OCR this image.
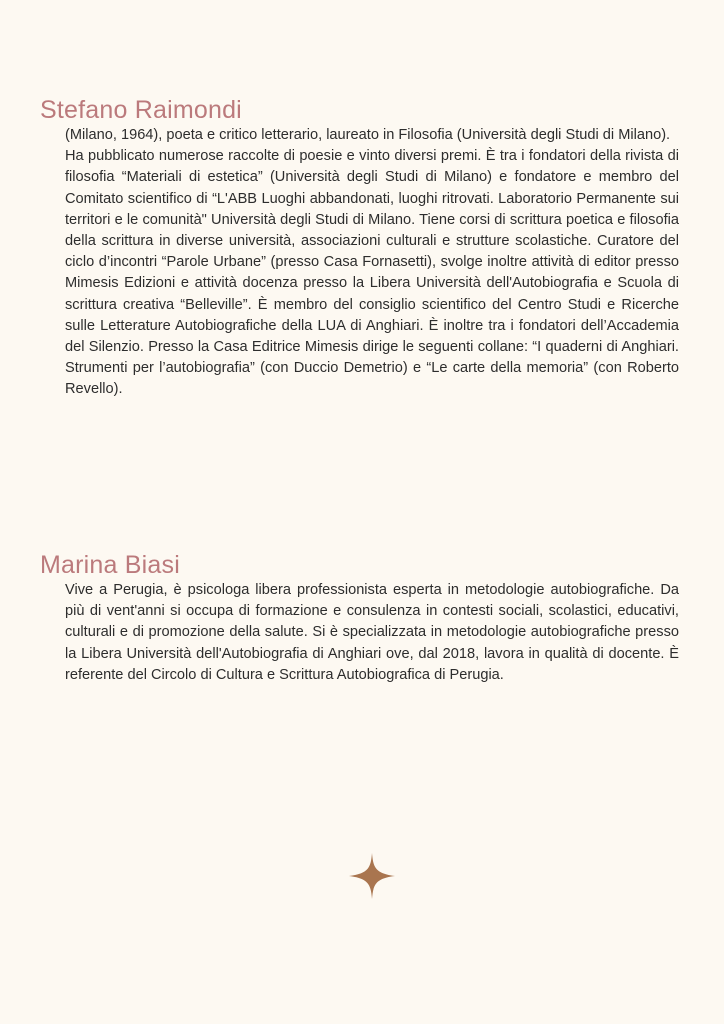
Stefano Raimondi

(Milano, 1964), poeta e critico letterario, laureato in Filosofia (Università degli Studi di Milano).

Ha pubblicato numerose raccolte di poesie e vinto diversi premi. È tra i fondatori della rivista di filosofia “Materiali di estetica” (Università degli Studi di Milano) e fondatore e membro del Comitato scientifico di “L'ABB Luoghi abbandonati, luoghi ritrovati. Laboratorio Permanente sui territori e le comunità" Università degli Studi di Milano. Tiene corsi di scrittura poetica e filosofia della scrittura in diverse università, associazioni culturali e strutture scolastiche. Curatore del ciclo d’incontri “Parole Urbane” (presso Casa Fornasetti), svolge inoltre attività di editor presso Mimesis Edizioni e attività docenza presso la Libera Università dell'Autobiografia e Scuola di scrittura creativa “Belleville”. È membro del consiglio scientifico del Centro Studi e Ricerche sulle Letterature Autobiografiche della LUA di Anghiari. È inoltre tra i fondatori dell’Accademia del Silenzio. Presso la Casa Editrice Mimesis dirige le seguenti collane: “I quaderni di Anghiari. Strumenti per l’autobiografia” (con Duccio Demetrio) e “Le carte della memoria” (con Roberto Revello).

Marina Biasi

Vive a Perugia, è psicologa libera professionista esperta in metodologie autobiografiche. Da più di vent'anni si occupa di formazione e consulenza in contesti sociali, scolastici, educativi, culturali e di promozione della salute. Si è specializzata in metodologie autobiografiche presso la Libera Università dell'Autobiografia di Anghiari ove, dal 2018, lavora in qualità di docente. È referente del Circolo di Cultura e Scrittura Autobiografica di Perugia.
